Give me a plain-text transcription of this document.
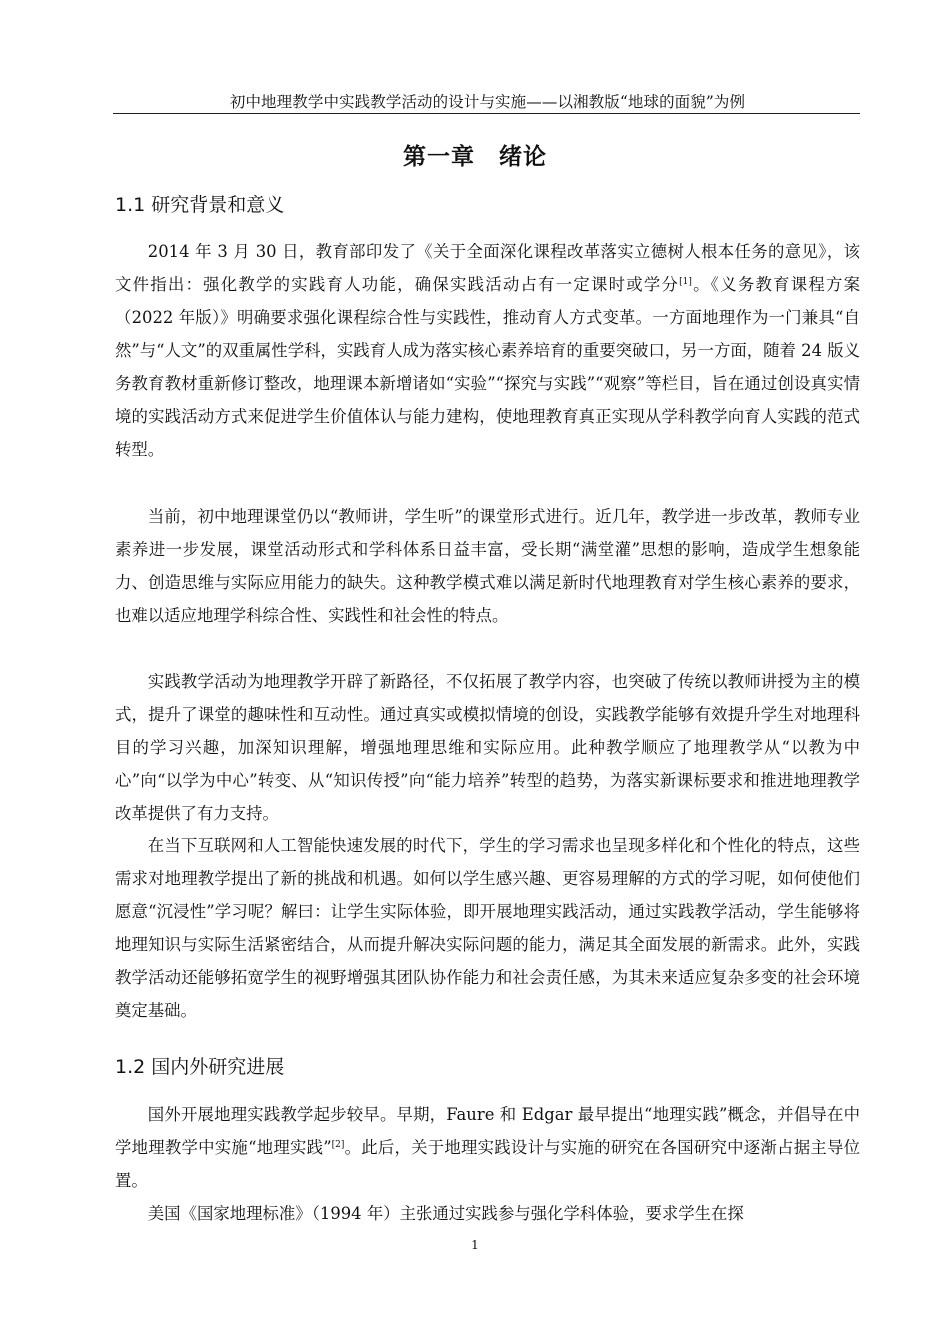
初中地理教学中实践教学活动的设计与实施——以湘教版“地球的面貌”为例
第一章　绪论
1.1 研究背景和意义

2014 年 3 月 30 日，教育部印发了《关于全面深化课程改革落实立德树人根本任务的意见》，该文件指出：强化教学的实践育人功能，确保实践活动占有一定课时或学分[1]。《义务教育课程方案（2022 年版）》明确要求强化课程综合性与实践性，推动育人方式变革。一方面地理作为一门兼具“自然”与“人文”的双重属性学科，实践育人成为落实核心素养培育的重要突破口，另一方面，随着 24 版义务教育教材重新修订整改，地理课本新增诸如“实验”“探究与实践”“观察”等栏目，旨在通过创设真实情境的实践活动方式来促进学生价值体认与能力建构，使地理教育真正实现从学科教学向育人实践的范式转型。

当前，初中地理课堂仍以“教师讲，学生听”的课堂形式进行。近几年，教学进一步改革，教师专业素养进一步发展，课堂活动形式和学科体系日益丰富，受长期“满堂灌”思想的影响，造成学生想象能力、创造思维与实际应用能力的缺失。这种教学模式难以满足新时代地理教育对学生核心素养的要求，也难以适应地理学科综合性、实践性和社会性的特点。

实践教学活动为地理教学开辟了新路径，不仅拓展了教学内容，也突破了传统以教师讲授为主的模式，提升了课堂的趣味性和互动性。通过真实或模拟情境的创设，实践教学能够有效提升学生对地理科目的学习兴趣，加深知识理解，增强地理思维和实际应用。此种教学顺应了地理教学从“以教为中心”向“以学为中心”转变、从“知识传授”向“能力培养”转型的趋势，为落实新课标要求和推进地理教学改革提供了有力支持。

在当下互联网和人工智能快速发展的时代下，学生的学习需求也呈现多样化和个性化的特点，这些需求对地理教学提出了新的挑战和机遇。如何以学生感兴趣、更容易理解的方式的学习呢，如何使他们愿意“沉浸性”学习呢？解曰：让学生实际体验，即开展地理实践活动，通过实践教学活动，学生能够将地理知识与实际生活紧密结合，从而提升解决实际问题的能力，满足其全面发展的新需求。此外，实践教学活动还能够拓宽学生的视野增强其团队协作能力和社会责任感，为其未来适应复杂多变的社会环境奠定基础。

1.2 国内外研究进展

国外开展地理实践教学起步较早。早期，Faure 和 Edgar 最早提出“地理实践”概念，并倡导在中学地理教学中实施“地理实践”[2]。此后，关于地理实践设计与实施的研究在各国研究中逐渐占据主导位置。

美国《国家地理标准》（1994 年）主张通过实践参与强化学科体验，要求学生在探

1
